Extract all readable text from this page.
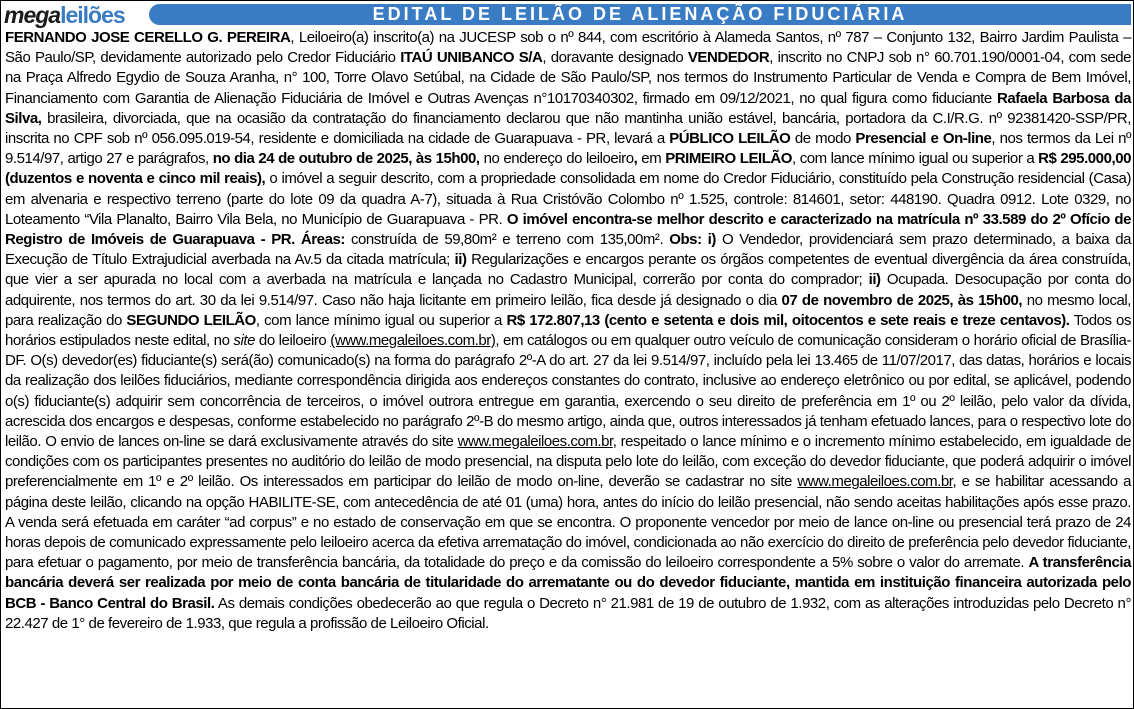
megaleilões	EDITAL DE LEILÃO DE ALIENAÇÃO FIDUCIÁRIA
FERNANDO JOSE CERELLO G. PEREIRA, Leiloeiro(a) inscrito(a) na JUCESP sob o nº 844, com escritório à Alameda Santos, nº 787 – Conjunto 132, Bairro Jardim Paulista – São Paulo/SP, devidamente autorizado pelo Credor Fiduciário ITAÚ UNIBANCO S/A, doravante designado VENDEDOR, inscrito no CNPJ sob n° 60.701.190/0001-04, com sede na Praça Alfredo Egydio de Souza Aranha, n° 100, Torre Olavo Setúbal, na Cidade de São Paulo/SP, nos termos do Instrumento Particular de Venda e Compra de Bem Imóvel, Financiamento com Garantia de Alienação Fiduciária de Imóvel e Outras Avenças n°10170340302, firmado em 09/12/2021, no qual figura como fiduciante Rafaela Barbosa da Silva, brasileira, divorciada, que na ocasião da contratação do financiamento declarou que não mantinha união estável, bancária, portadora da C.I/R.G. nº 92381420-SSP/PR, inscrita no CPF sob nº 056.095.019-54, residente e domiciliada na cidade de Guarapuava - PR, levará a PÚBLICO LEILÃO de modo Presencial e On-line, nos termos da Lei nº 9.514/97, artigo 27 e parágrafos, no dia 24 de outubro de 2025, às 15h00, no endereço do leiloeiro, em PRIMEIRO LEILÃO, com lance mínimo igual ou superior a R$ 295.000,00 (duzentos e noventa e cinco mil reais), o imóvel a seguir descrito, com a propriedade consolidada em nome do Credor Fiduciário, constituído pela Construção residencial (Casa) em alvenaria e respectivo terreno (parte do lote 09 da quadra A-7), situada à Rua Cristóvão Colombo nº 1.525, controle: 814601, setor: 448190. Quadra 0912. Lote 0329, no Loteamento “Vila Planalto, Bairro Vila Bela, no Município de Guarapuava - PR. O imóvel encontra-se melhor descrito e caracterizado na matrícula nº 33.589 do 2º Ofício de Registro de Imóveis de Guarapuava - PR. Áreas: construída de 59,80m² e terreno com 135,00m². Obs: i) O Vendedor, providenciará sem prazo determinado, a baixa da Execução de Título Extrajudicial averbada na Av.5 da citada matrícula; ii) Regularizações e encargos perante os órgãos competentes de eventual divergência da área construída, que vier a ser apurada no local com a averbada na matrícula e lançada no Cadastro Municipal, correrão por conta do comprador; ii) Ocupada. Desocupação por conta do adquirente, nos termos do art. 30 da lei 9.514/97. Caso não haja licitante em primeiro leilão, fica desde já designado o dia 07 de novembro de 2025, às 15h00, no mesmo local, para realização do SEGUNDO LEILÃO, com lance mínimo igual ou superior a R$ 172.807,13 (cento e setenta e dois mil, oitocentos e sete reais e treze centavos). Todos os horários estipulados neste edital, no site do leiloeiro (www.megaleiloes.com.br), em catálogos ou em qualquer outro veículo de comunicação consideram o horário oficial de Brasília-DF. O(s) devedor(es) fiduciante(s) será(ão) comunicado(s) na forma do parágrafo 2º-A do art. 27 da lei 9.514/97, incluído pela lei 13.465 de 11/07/2017, das datas, horários e locais da realização dos leilões fiduciários, mediante correspondência dirigida aos endereços constantes do contrato, inclusive ao endereço eletrônico ou por edital, se aplicável, podendo o(s) fiduciante(s) adquirir sem concorrência de terceiros, o imóvel outrora entregue em garantia, exercendo o seu direito de preferência em 1º ou 2º leilão, pelo valor da dívida, acrescida dos encargos e despesas, conforme estabelecido no parágrafo 2º-B do mesmo artigo, ainda que, outros interessados já tenham efetuado lances, para o respectivo lote do leilão. O envio de lances on-line se dará exclusivamente através do site www.megaleiloes.com.br, respeitado o lance mínimo e o incremento mínimo estabelecido, em igualdade de condições com os participantes presentes no auditório do leilão de modo presencial, na disputa pelo lote do leilão, com exceção do devedor fiduciante, que poderá adquirir o imóvel preferencialmente em 1º e 2º leilão. Os interessados em participar do leilão de modo on-line, deverão se cadastrar no site www.megaleiloes.com.br, e se habilitar acessando a página deste leilão, clicando na opção HABILITE-SE, com antecedência de até 01 (uma) hora, antes do início do leilão presencial, não sendo aceitas habilitações após esse prazo. A venda será efetuada em caráter “ad corpus” e no estado de conservação em que se encontra. O proponente vencedor por meio de lance on-line ou presencial terá prazo de 24 horas depois de comunicado expressamente pelo leiloeiro acerca da efetiva arrematação do imóvel, condicionada ao não exercício do direito de preferência pelo devedor fiduciante, para efetuar o pagamento, por meio de transferência bancária, da totalidade do preço e da comissão do leiloeiro correspondente a 5% sobre o valor do arremate. A transferência bancária deverá ser realizada por meio de conta bancária de titularidade do arrematante ou do devedor fiduciante, mantida em instituição financeira autorizada pelo BCB - Banco Central do Brasil. As demais condições obedecerão ao que regula o Decreto n° 21.981 de 19 de outubro de 1.932, com as alterações introduzidas pelo Decreto n° 22.427 de 1° de fevereiro de 1.933, que regula a profissão de Leiloeiro Oficial.
